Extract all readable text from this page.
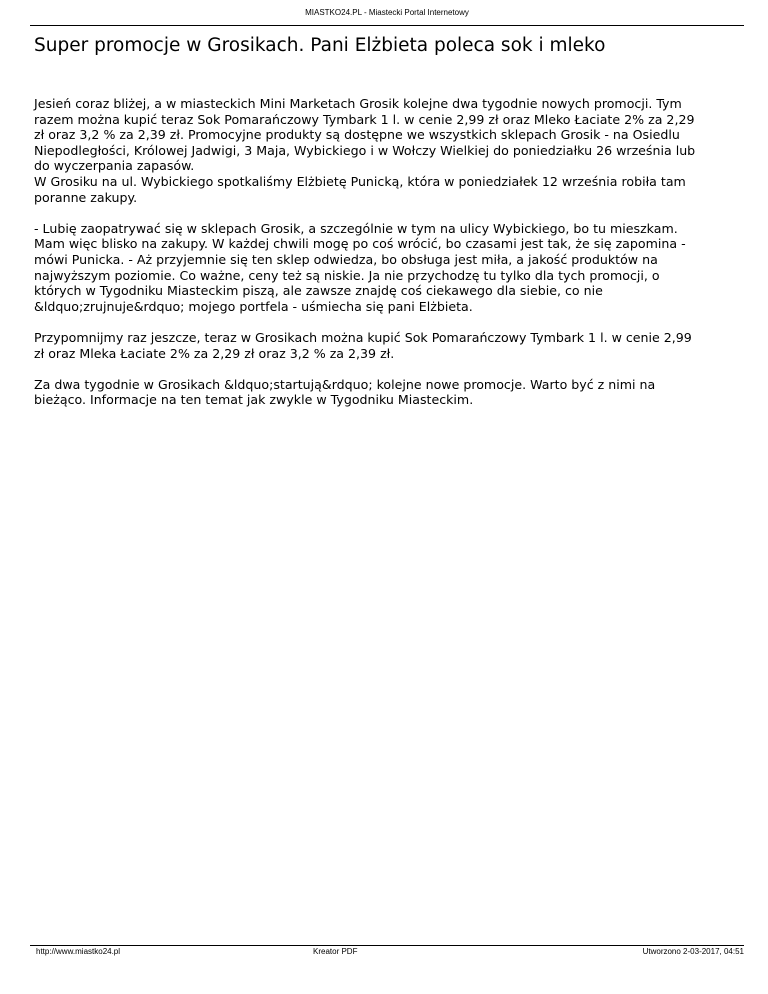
MIASTKO24.PL - Miastecki Portal Internetowy
Super promocje w Grosikach. Pani Elżbieta poleca sok i mleko

Jesień coraz bliżej, a w miasteckich Mini Marketach Grosik kolejne dwa tygodnie nowych promocji. Tym
razem można kupić teraz Sok Pomarańczowy Tymbark 1 l. w cenie 2,99 zł oraz Mleko Łaciate 2% za 2,29
zł oraz 3,2 % za 2,39 zł. Promocyjne produkty są dostępne we wszystkich sklepach Grosik - na Osiedlu
Niepodległości, Królowej Jadwigi, 3 Maja, Wybickiego i w Wołczy Wielkiej do poniedziałku 26 września lub
do wyczerpania zapasów.
W Grosiku na ul. Wybickiego spotkaliśmy Elżbietę Punicką, która w poniedziałek 12 września robiła tam
poranne zakupy.

- Lubię zaopatrywać się w sklepach Grosik, a szczególnie w tym na ulicy Wybickiego, bo tu mieszkam.
Mam więc blisko na zakupy. W każdej chwili mogę po coś wrócić, bo czasami jest tak, że się zapomina -
mówi Punicka. - Aż przyjemnie się ten sklep odwiedza, bo obsługa jest miła, a jakość produktów na
najwyższym poziomie. Co ważne, ceny też są niskie. Ja nie przychodzę tu tylko dla tych promocji, o
których w Tygodniku Miasteckim piszą, ale zawsze znajdę coś ciekawego dla siebie, co nie
&ldquo;zrujnuje&rdquo; mojego portfela - uśmiecha się pani Elżbieta.

Przypomnijmy raz jeszcze, teraz w Grosikach można kupić Sok Pomarańczowy Tymbark 1 l. w cenie 2,99
zł oraz Mleka Łaciate 2% za 2,29 zł oraz 3,2 % za 2,39 zł.

Za dwa tygodnie w Grosikach &ldquo;startują&rdquo; kolejne nowe promocje. Warto być z nimi na
bieżąco. Informacje na ten temat jak zwykle w Tygodniku Miasteckim.

http://www.miastko24.pl	Kreator PDF	Utworzono 2-03-2017, 04:51
